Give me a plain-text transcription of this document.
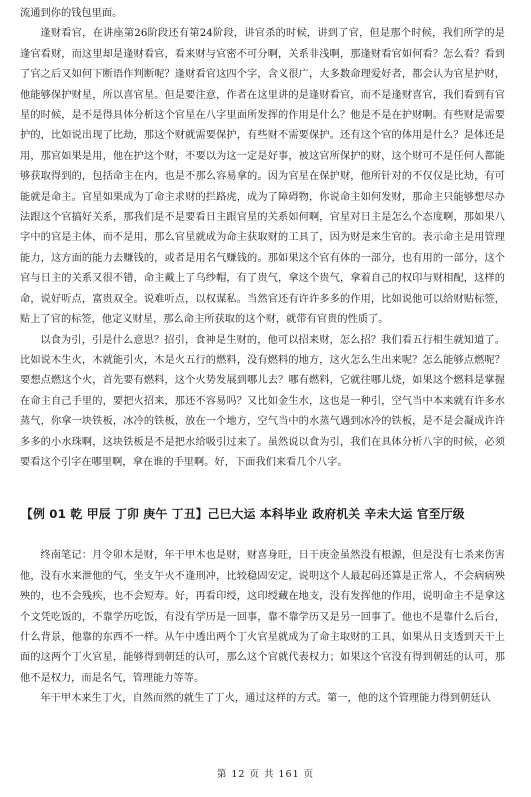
流通到你的钱包里面。

逢财看官，在讲座第26阶段还有第24阶段，讲官杀的时候，讲到了官，但是那个时候，我们所学的是逢官看财，而这里却是逢财看官，看来财与官密不可分啊，关系非浅啊，那逢财看官如何看？怎么看？看到了官之后又如何下断语作判断呢？逢财看官这四个字，含义很广，大多数命理爱好者，都会认为官星护财，他能够保护财星，所以喜官星。但是要注意，作者在这里讲的是逢财看官，而不是逢财喜官，我们看到有官星的时候，是不是得具体分析这个官星在八字里面所发挥的作用是什么？他是不是在护财啊。有些财是需要护的，比如说出现了比劫，那这个财就需要保护，有些财不需要保护。还有这个官的体用是什么？是体还是用，那官如果是用，他在护这个财，不要以为这一定是好事，被这官所保护的财，这个财可不是任何人都能够获取得到的，包括命主在内，也是不那么容易拿的。因为官星在保护财，他所针对的不仅仅是比劫，有可能就是命主。官星如果成为了命主求财的拦路虎，成为了障碍物，你说命主如何发财，那命主只能够想尽办法跟这个官搞好关系，那我们是不是要看日主跟官星的关系如何啊，官星对日主是怎么个态度啊，那如果八字中的官是主体，而不是用，那么官星就成为命主获取财的工具了，因为财是来生官的。表示命主是用管理能力，这方面的能力去赚钱的，或者是用名气赚钱的。那如果这个官有体的一部分，也有用的一部分，这个官与日主的关系又很不错，命主戴上了乌纱帽，有了贵气，拿这个贵气，拿着自己的权印与财相配，这样的命，说好听点，富贵双全。说难听点，以权谋私。当然官还有许许多多的作用，比如说他可以给财贴标签，贴上了官的标签，他定义财星，那么命主所获取的这个财，就带有官贵的性质了。

以食为引，引是什么意思？招引，食神是生财的，他可以招来财，怎么招？我们看五行相生就知道了。比如说木生火，木就能引火，木是火五行的燃料，没有燃料的地方，这火怎么生出来呢？怎么能够点燃呢？要想点燃这个火，首先要有燃料，这个火势发展到哪儿去？哪有燃料，它就往哪儿烧，如果这个燃料是掌握在命主自己手里的，要把火招来，那还不容易吗？又比如金生水，这也是一种引，空气当中本来就有许多水蒸气，你拿一块铁板，冰冷的铁板，放在一个地方，空气当中的水蒸气遇到冰冷的铁板，是不是会凝成许许多多的小水珠啊，这块铁板是不是把水给吸引过来了。虽然说以食为引，我们在具体分析八字的时候，必须要看这个引字在哪里啊，拿在谁的手里啊。好，下面我们来看几个八字。

【例 01 乾 甲辰 丁卯 庚午 丁丑】己巳大运 本科毕业 政府机关 辛未大运 官至厅级

终南笔记：月令卯木是财，年干甲木也是财，财喜身旺，日干庚金虽然没有根源，但是没有七杀来伤害他，没有水来泄他的气，坐支午火不逢刑冲，比较稳固安定，说明这个人最起码还算是正常人，不会病病殃殃的，也不会残疾，也不会短寿。好，再看印绶，这印绶藏在地支，没有发挥他的作用，说明命主不是拿这个文凭吃饭的，不靠学历吃饭，有没有学历是一回事，靠不靠学历又是另一回事了。他也不是靠什么后台，什么背景，他靠的东西不一样。从午中透出两个丁火官星就成为了命主取财的工具，如果从日支透到天干上面的这两个丁火官星，能够得到朝廷的认可，那么这个官就代表权力；如果这个官没有得到朝廷的认可，那他不是权力，而是名气，管理能力等等。

年干甲木来生丁火，自然而然的就生了丁火，通过这样的方式。第一，他的这个管理能力得到朝廷认

第 12 页 共 161 页
